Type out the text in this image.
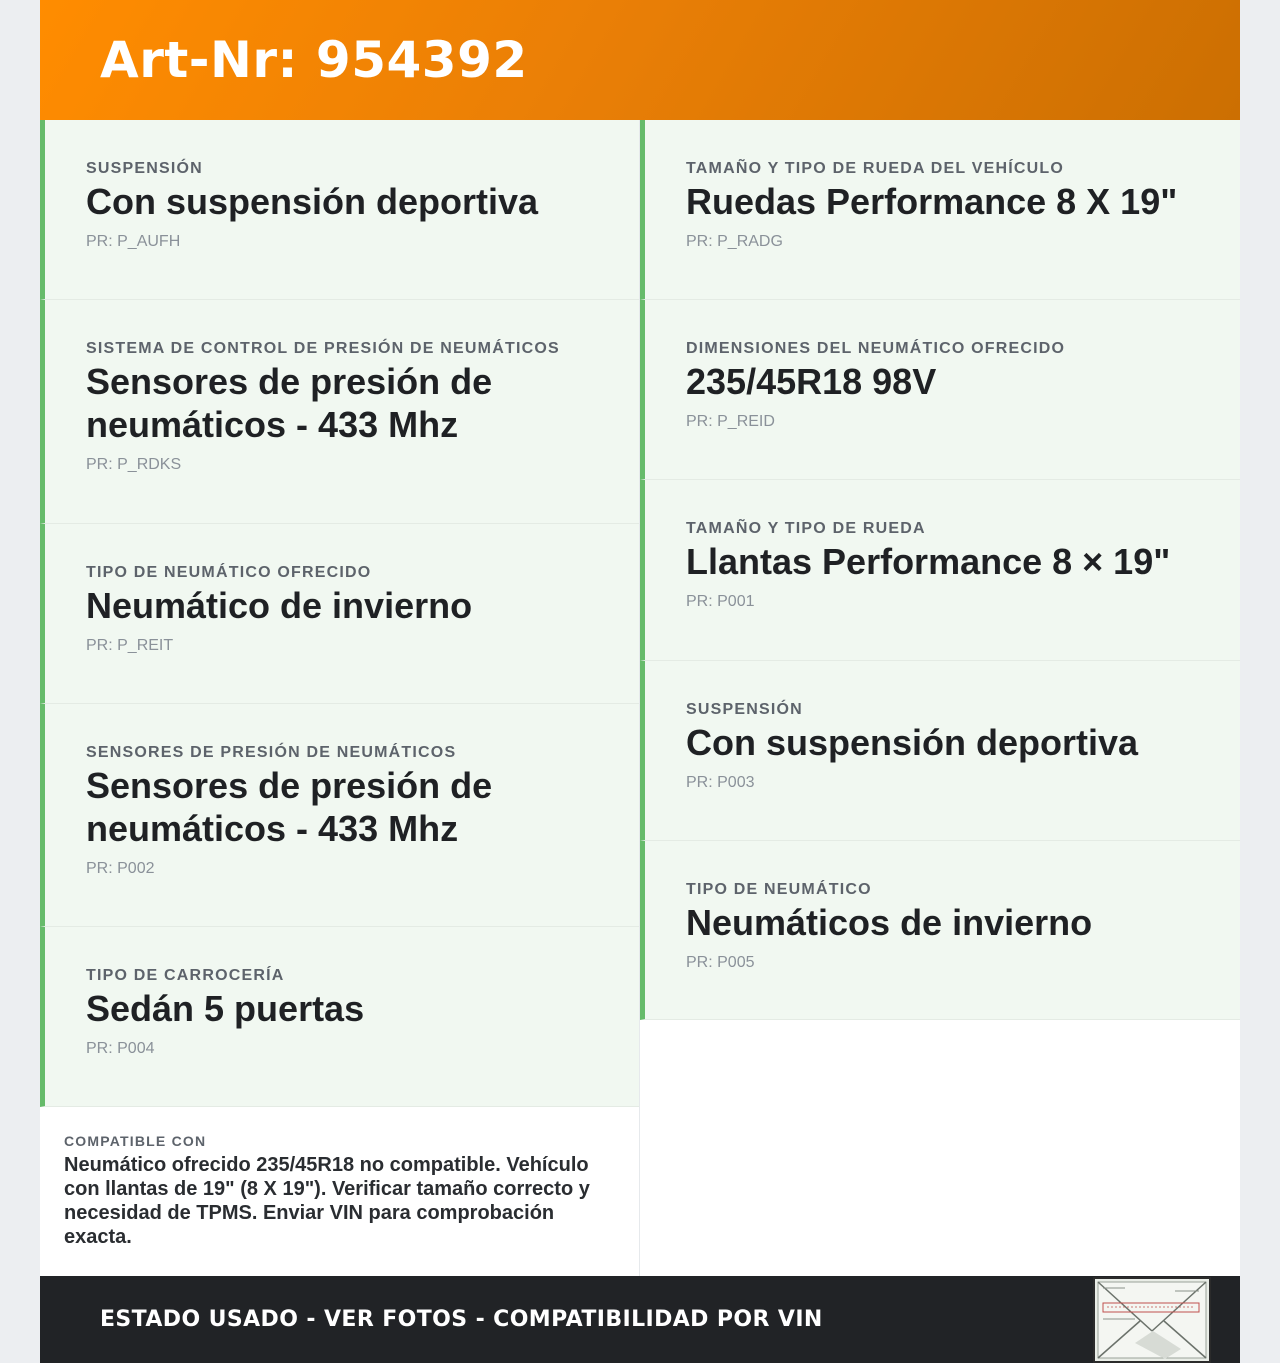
Art-Nr: 954392
SUSPENSIÓN
Con suspensión deportiva
PR: P_AUFH
SISTEMA DE CONTROL DE PRESIÓN DE NEUMÁTICOS
Sensores de presión de neumáticos - 433 Mhz
PR: P_RDKS
TIPO DE NEUMÁTICO OFRECIDO
Neumático de invierno
PR: P_REIT
SENSORES DE PRESIÓN DE NEUMÁTICOS
Sensores de presión de neumáticos - 433 Mhz
PR: P002
TIPO DE CARROCERÍA
Sedán 5 puertas
PR: P004
COMPATIBLE CON
Neumático ofrecido 235/45R18 no compatible. Vehículo con llantas de 19" (8 X 19"). Verificar tamaño correcto y necesidad de TPMS. Enviar VIN para comprobación exacta.
TAMAÑO Y TIPO DE RUEDA DEL VEHÍCULO
Ruedas Performance 8 X 19"
PR: P_RADG
DIMENSIONES DEL NEUMÁTICO OFRECIDO
235/45R18 98V
PR: P_REID
TAMAÑO Y TIPO DE RUEDA
Llantas Performance 8 × 19"
PR: P001
SUSPENSIÓN
Con suspensión deportiva
PR: P003
TIPO DE NEUMÁTICO
Neumáticos de invierno
PR: P005
ESTADO USADO - VER FOTOS - COMPATIBILIDAD POR VIN
